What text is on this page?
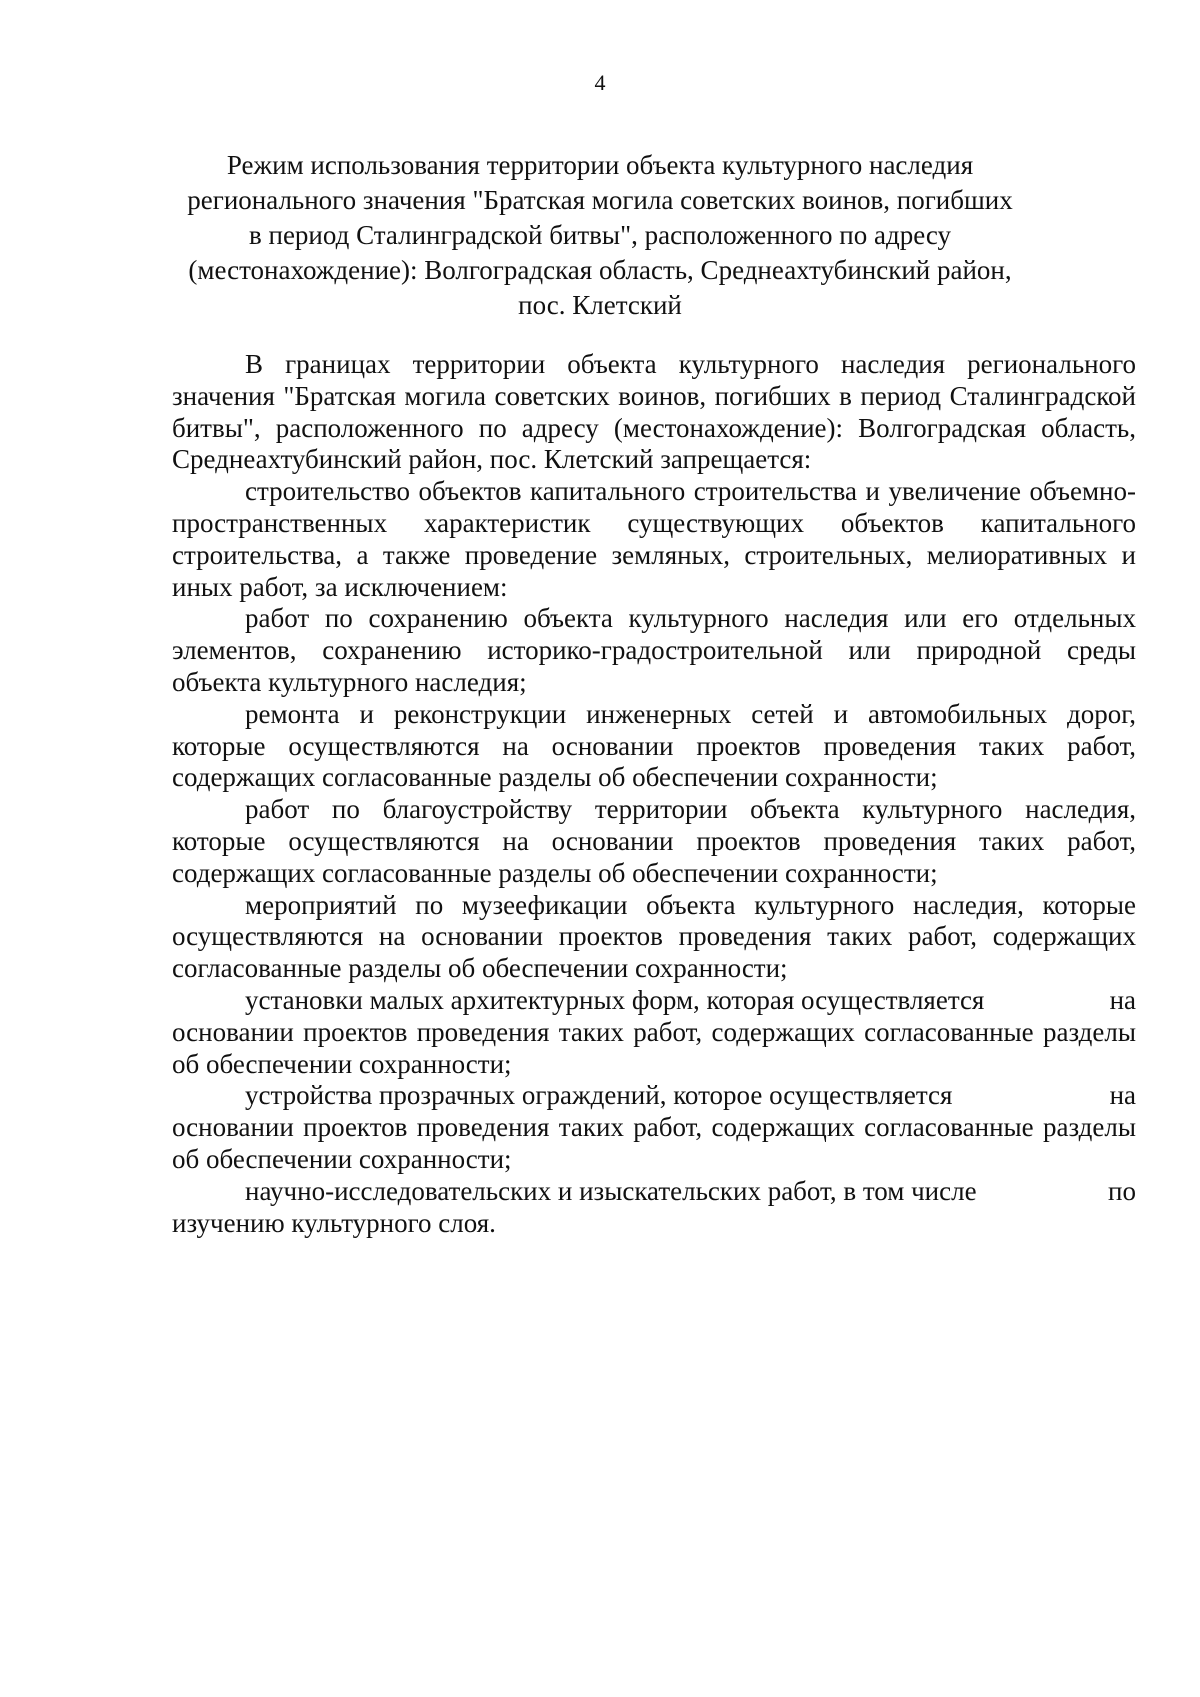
4
Режим использования территории объекта культурного наследия
регионального значения "Братская могила советских воинов, погибших
в период Сталинградской битвы", расположенного по адресу
(местонахождение): Волгоградская область, Среднеахтубинский район,
пос. Клетский

В границах территории объекта культурного наследия регионального значения "Братская могила советских воинов, погибших в период Сталинградской битвы", расположенного по адресу (местонахождение): Волгоградская область, Среднеахтубинский район, пос. Клетский запрещается:

строительство объектов капитального строительства и увеличение объемно-пространственных характеристик существующих объектов капитального строительства, а также проведение земляных, строительных, мелиоративных и иных работ, за исключением:

работ по сохранению объекта культурного наследия или его отдельных элементов, сохранению историко-градостроительной или природной среды объекта культурного наследия;

ремонта и реконструкции инженерных сетей и автомобильных дорог, которые осуществляются на основании проектов проведения таких работ, содержащих согласованные разделы об обеспечении сохранности;

работ по благоустройству территории объекта культурного наследия, которые осуществляются на основании проектов проведения таких работ, содержащих согласованные разделы об обеспечении сохранности;

мероприятий по музеефикации объекта культурного наследия, которые осуществляются на основании проектов проведения таких работ, содержащих согласованные разделы об обеспечении сохранности;

установки малых архитектурных форм, которая осуществляется	на
основании проектов проведения таких работ, содержащих согласованные разделы об обеспечении сохранности;
устройства прозрачных ограждений, которое осуществляется	на
основании проектов проведения таких работ, содержащих согласованные разделы об обеспечении сохранности;
научно-исследовательских и изыскательских работ, в том числе	по
изучению культурного слоя.
